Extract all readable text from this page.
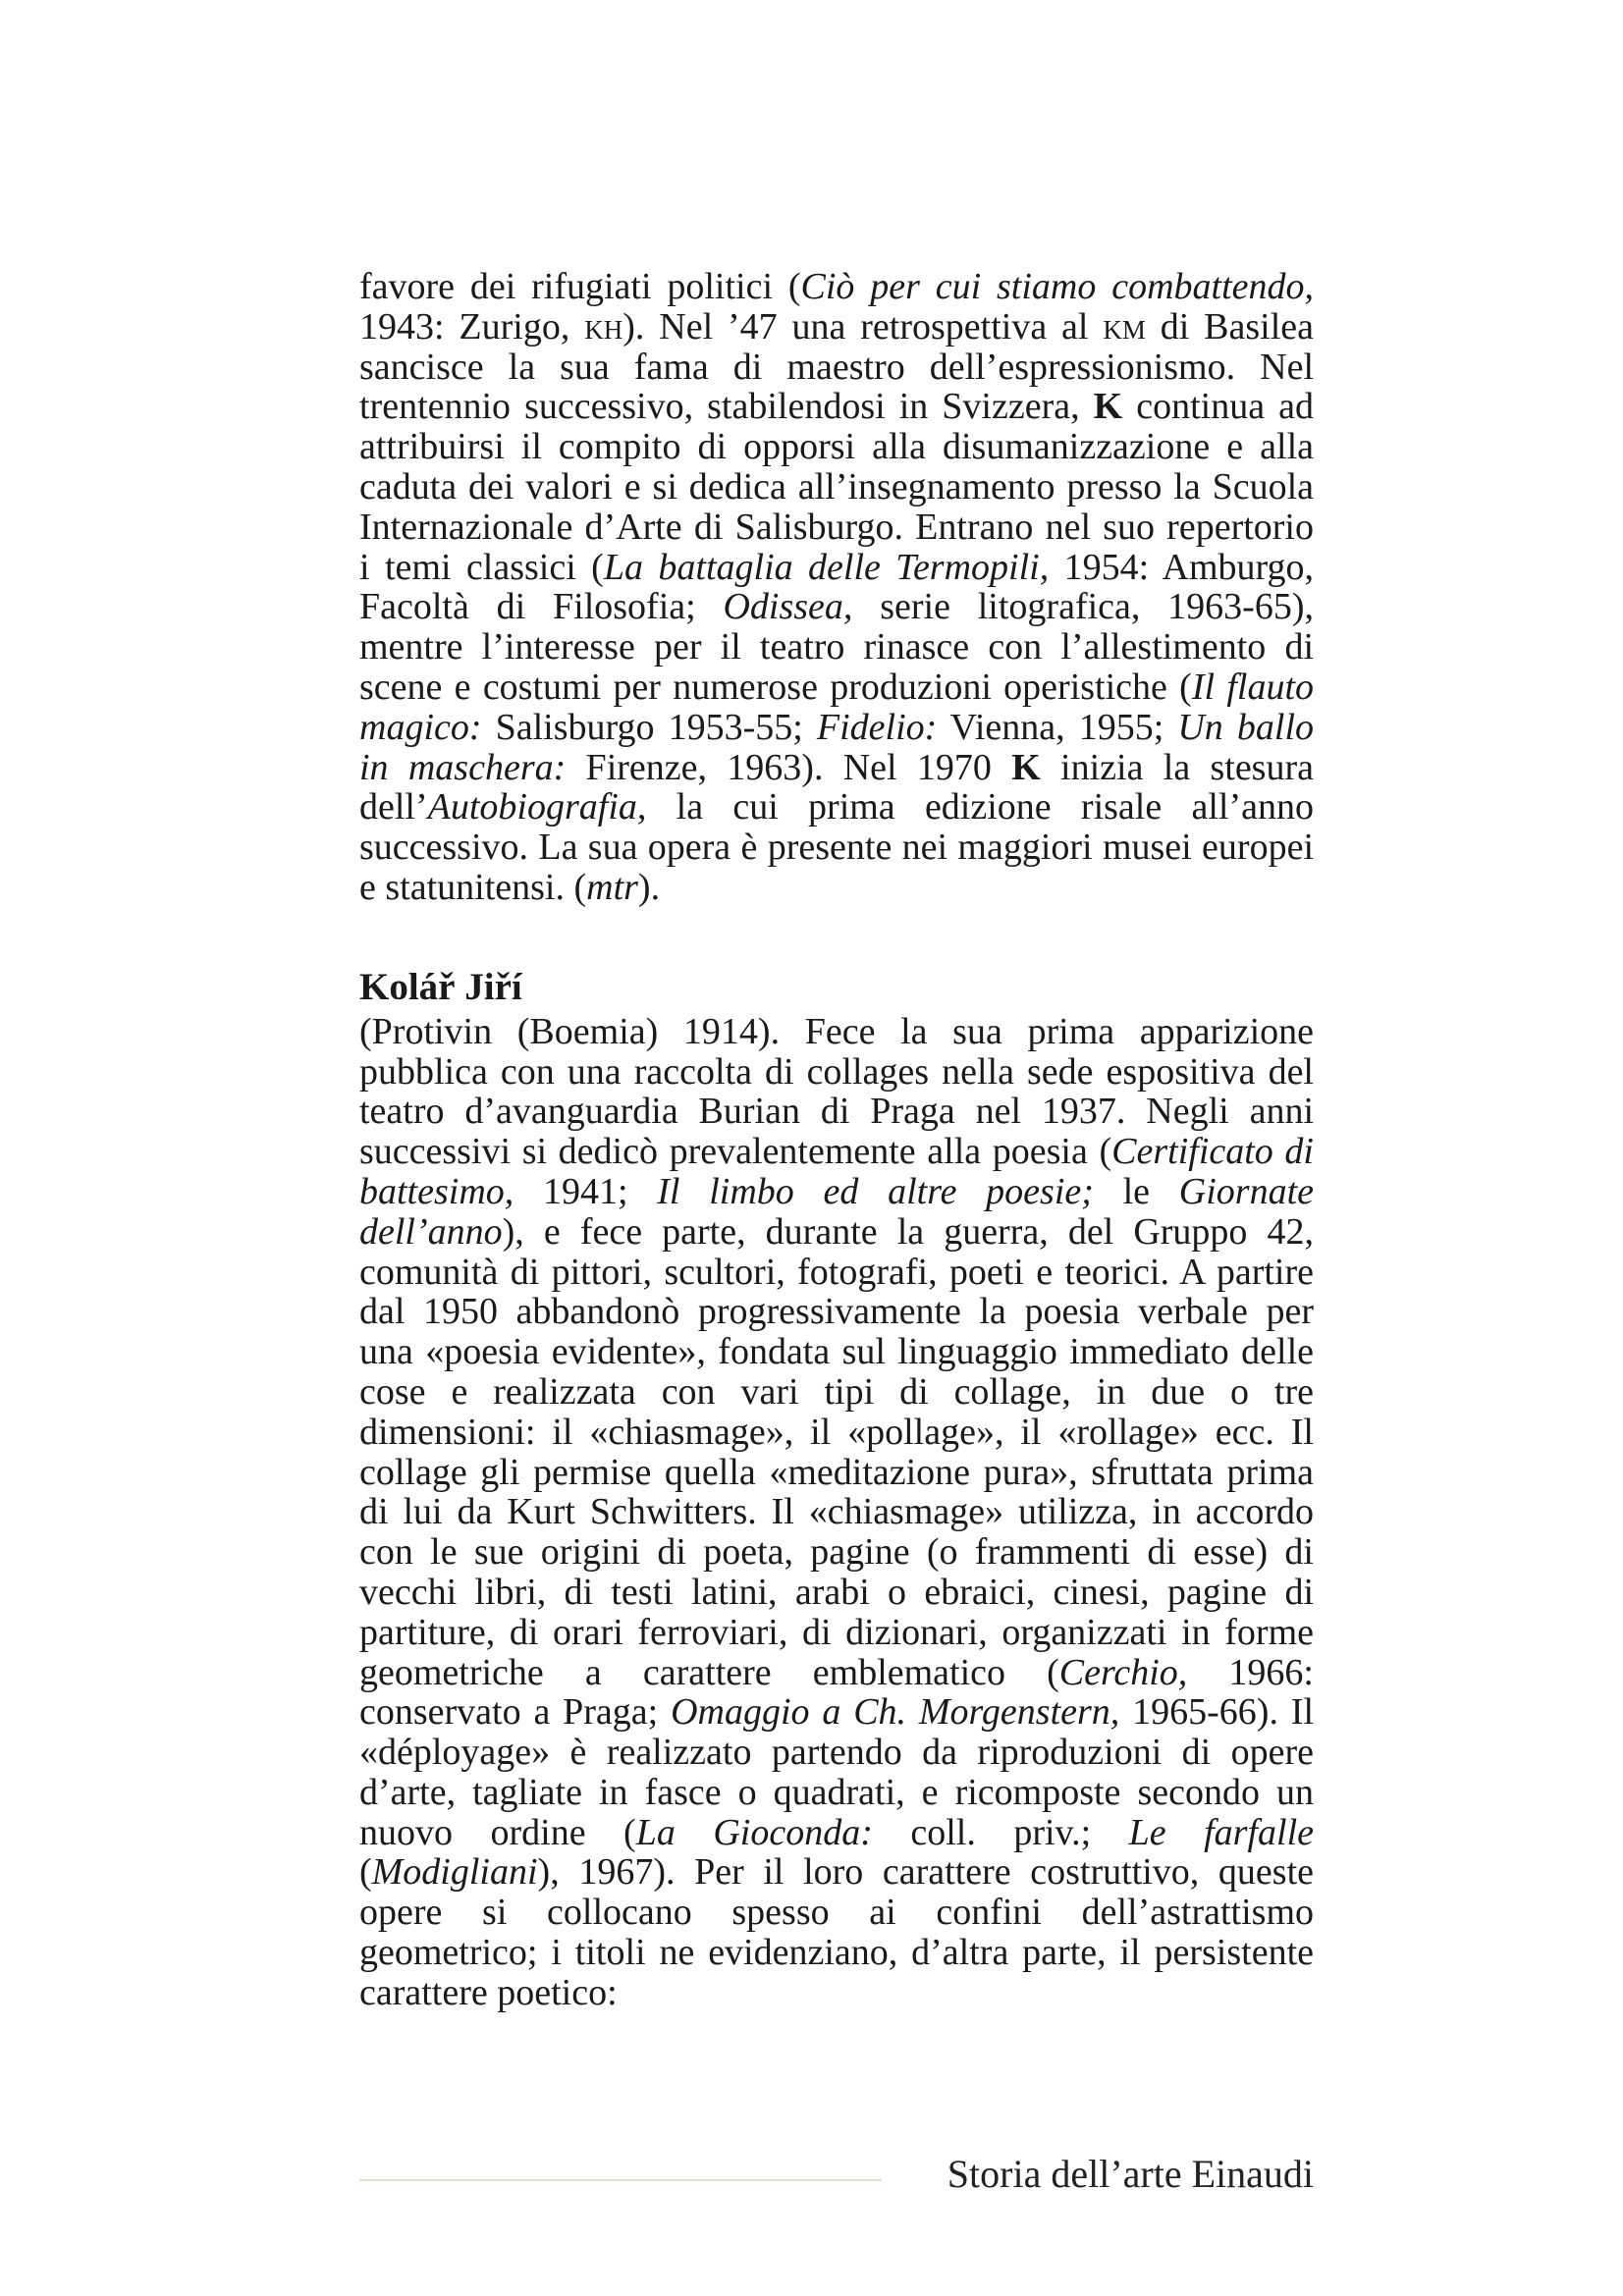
favore dei rifugiati politici (Ciò per cui stiamo combattendo, 1943: Zurigo, kh). Nel ’47 una retrospettiva al km di Basilea sancisce la sua fama di maestro dell’espressionismo. Nel trentennio successivo, stabilendosi in Svizzera, K continua ad attribuirsi il compito di opporsi alla disumanizzazione e alla caduta dei valori e si dedica all’insegnamento presso la Scuola Internazionale d’Arte di Salisburgo. Entrano nel suo repertorio i temi classici (La battaglia delle Termopili, 1954: Amburgo, Facoltà di Filosofia; Odissea, serie litografica, 1963-65), mentre l’interesse per il teatro rinasce con l’allestimento di scene e costumi per numerose produzioni operistiche (Il flauto magico: Salisburgo 1953-55; Fidelio: Vienna, 1955; Un ballo in maschera: Firenze, 1963). Nel 1970 K inizia la stesura dell’Autobiografia, la cui prima edizione risale all’anno successivo. La sua opera è presente nei maggiori musei europei e statunitensi. (mtr).

Kolář Jiří

(Protivin (Boemia) 1914). Fece la sua prima apparizione pubblica con una raccolta di collages nella sede espositiva del teatro d’avanguardia Burian di Praga nel 1937. Negli anni successivi si dedicò prevalentemente alla poesia (Certificato di battesimo, 1941; Il limbo ed altre poesie; le Giornate dell’anno), e fece parte, durante la guerra, del Gruppo 42, comunità di pittori, scultori, fotografi, poeti e teorici. A partire dal 1950 abbandonò progressivamente la poesia verbale per una «poesia evidente», fondata sul linguaggio immediato delle cose e realizzata con vari tipi di collage, in due o tre dimensioni: il «chiasmage», il «pollage», il «rollage» ecc. Il collage gli permise quella «meditazione pura», sfruttata prima di lui da Kurt Schwitters. Il «chiasmage» utilizza, in accordo con le sue origini di poeta, pagine (o frammenti di esse) di vecchi libri, di testi latini, arabi o ebraici, cinesi, pagine di partiture, di orari ferroviari, di dizionari, organizzati in forme geometriche a carattere emblematico (Cerchio, 1966: conservato a Praga; Omaggio a Ch. Morgenstern, 1965-66). Il «déployage» è realizzato partendo da riproduzioni di opere d’arte, tagliate in fasce o quadrati, e ricomposte secondo un nuovo ordine (La Gioconda: coll. priv.; Le farfalle (Modigliani), 1967). Per il loro carattere costruttivo, queste opere si collocano spesso ai confini dell’astrattismo geometrico; i titoli ne evidenziano, d’altra parte, il persistente carattere poetico:

Storia dell’arte Einaudi
